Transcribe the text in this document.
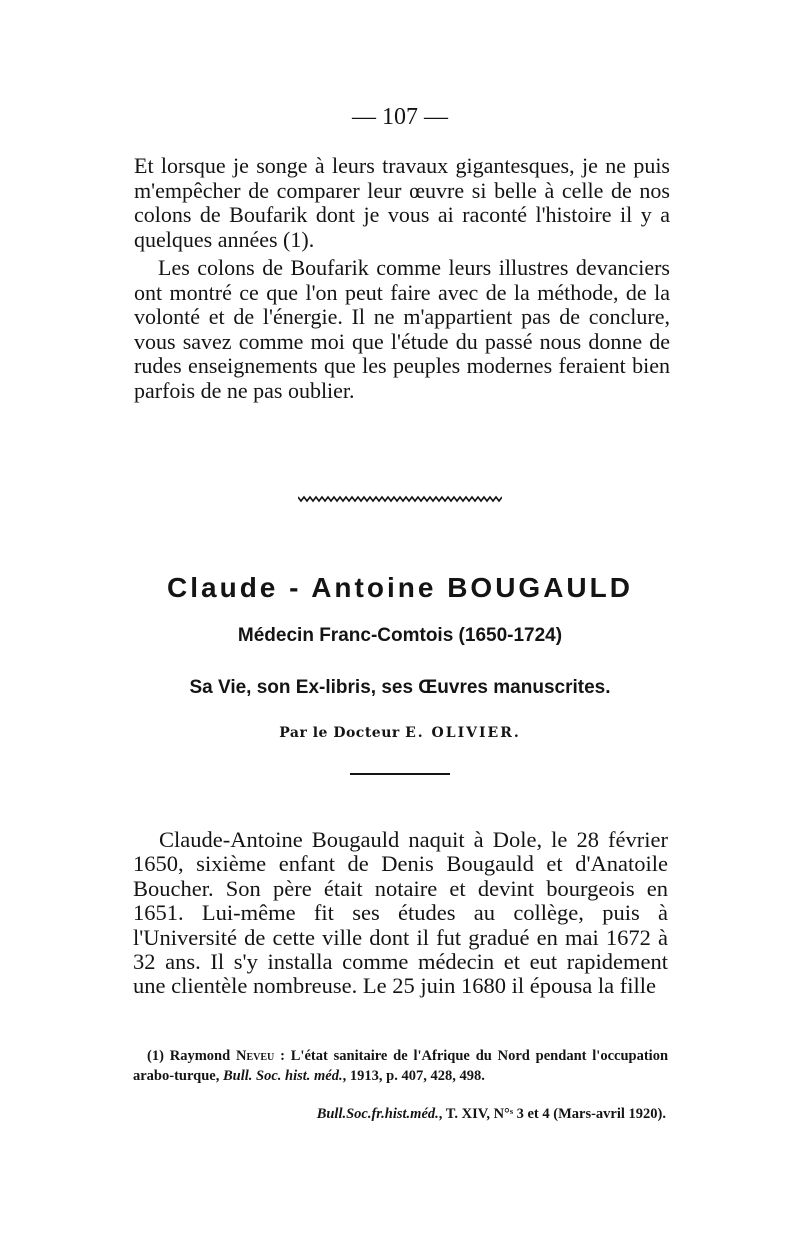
— 107 —

Et lorsque je songe à leurs travaux gigantesques, je ne puis m'empêcher de comparer leur œuvre si belle à celle de nos colons de Boufarik dont je vous ai raconté l'histoire il y a quelques années (1).

Les colons de Boufarik comme leurs illustres devanciers ont montré ce que l'on peut faire avec de la méthode, de la volonté et de l'énergie. Il ne m'appartient pas de conclure, vous savez comme moi que l'étude du passé nous donne de rudes enseignements que les peuples modernes feraient bien parfois de ne pas oublier.

Claude - Antoine BOUGAULD
Médecin Franc-Comtois (1650-1724)
Sa Vie, son Ex-libris, ses Œuvres manuscrites.
Par le Docteur E. OLIVIER.

Claude-Antoine Bougauld naquit à Dole, le 28 février 1650, sixième enfant de Denis Bougauld et d'Anatoile Boucher. Son père était notaire et devint bourgeois en 1651. Lui-même fit ses études au collège, puis à l'Université de cette ville dont il fut gradué en mai 1672 à 32 ans. Il s'y installa comme médecin et eut rapidement une clientèle nombreuse. Le 25 juin 1680 il épousa la fille

(1) Raymond Neveu : L'état sanitaire de l'Afrique du Nord pendant l'occupation arabo-turque, Bull. Soc. hist. méd., 1913, p. 407, 428, 498.

Bull.Soc.fr.hist.méd., T. XIV, N°ˢ 3 et 4 (Mars-avril 1920).
